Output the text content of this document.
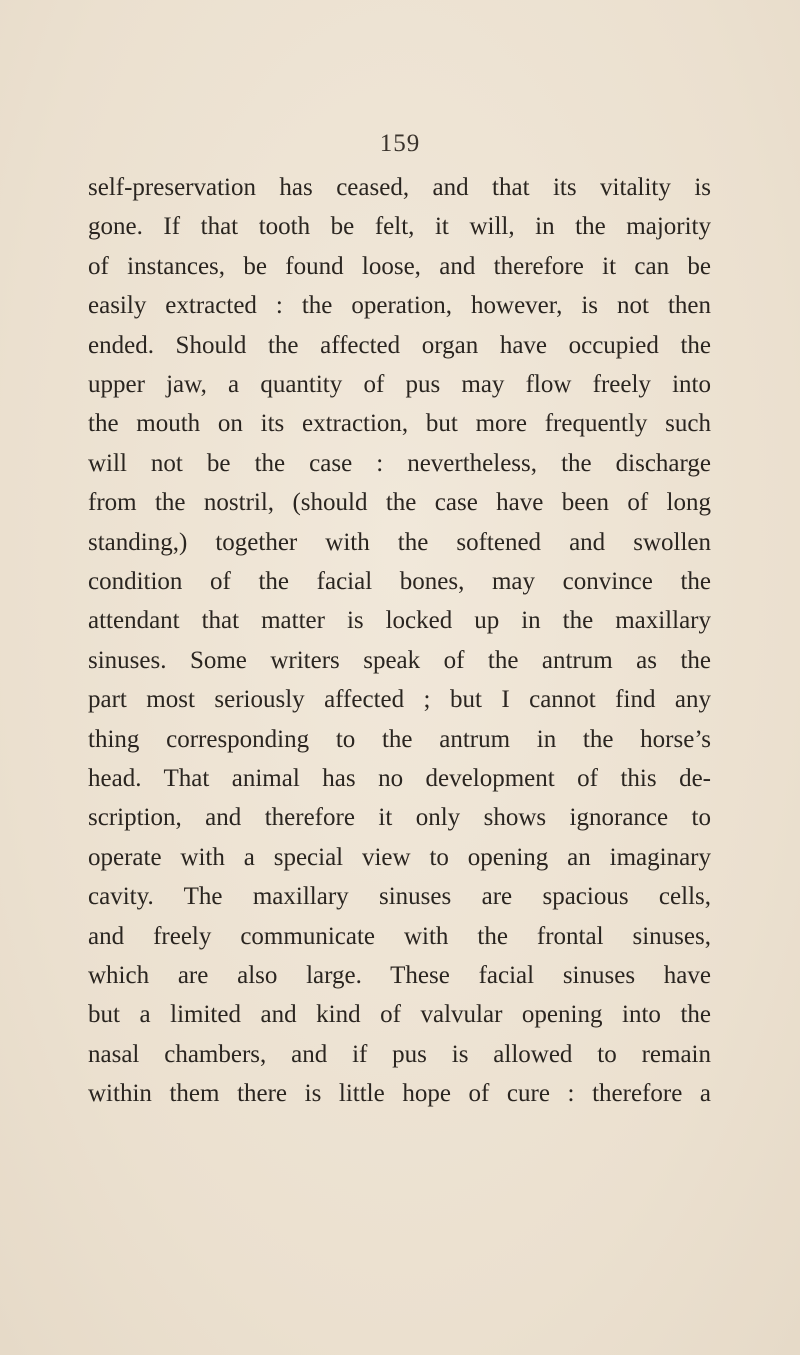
159
self-preservation has ceased, and that its vitality is
gone. If that tooth be felt, it will, in the majority
of instances, be found loose, and therefore it can be
easily extracted : the operation, however, is not then
ended. Should the affected organ have occupied the
upper jaw, a quantity of pus may flow freely into
the mouth on its extraction, but more frequently such
will not be the case : nevertheless, the discharge
from the nostril, (should the case have been of long
standing,) together with the softened and swollen
condition of the facial bones, may convince the
attendant that matter is locked up in the maxillary
sinuses. Some writers speak of the antrum as the
part most seriously affected ; but I cannot find any
thing corresponding to the antrum in the horse’s
head. That animal has no development of this de-
scription, and therefore it only shows ignorance to
operate with a special view to opening an imaginary
cavity. The maxillary sinuses are spacious cells,
and freely communicate with the frontal sinuses,
which are also large. These facial sinuses have
but a limited and kind of valvular opening into the
nasal chambers, and if pus is allowed to remain
within them there is little hope of cure : therefore a
